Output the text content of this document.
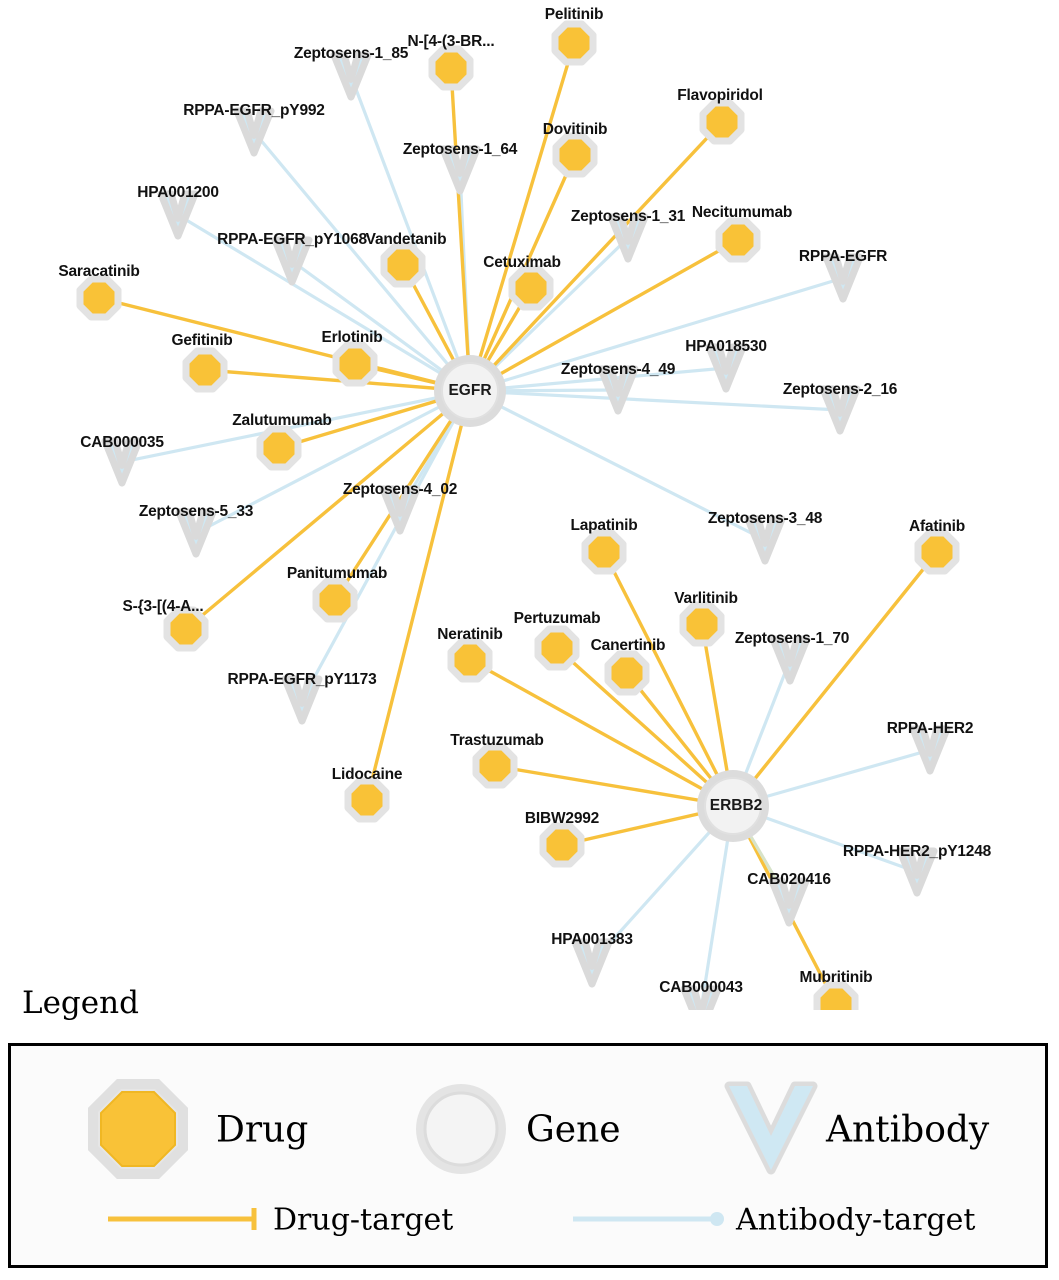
Zeptosens-1_85
Zeptosens-1_64
RPPA-EGFR_pY992
HPA001200
RPPA-EGFR_pY1068
Zeptosens-1_31
RPPA-EGFR
HPA018530
Zeptosens-4_49
Zeptosens-2_16
CAB000035
Zeptosens-5_33
Zeptosens-4_02
Zeptosens-3_48
RPPA-EGFR_pY1173
Zeptosens-1_70
RPPA-HER2
RPPA-HER2_pY1248
CAB020416
HPA001383
CAB000043
Pelitinib
N-[4-(3-BR...
Flavopiridol
Dovitinib
Necitumumab
Vandetanib
Cetuximab
Saracatinib
Gefitinib	Erlotinib
Zalutumumab
Lapatinib	Afatinib
Varlitinib
Panitumumab
S-{3-[(4-A...
Pertuzumab
Canertinib
Neratinib
Trastuzumab
Lidocaine
BIBW2992
Mubritinib
EGFR
ERBB2
Legend
Drug	Gene	Antibody
Drug-target	Antibody-target
